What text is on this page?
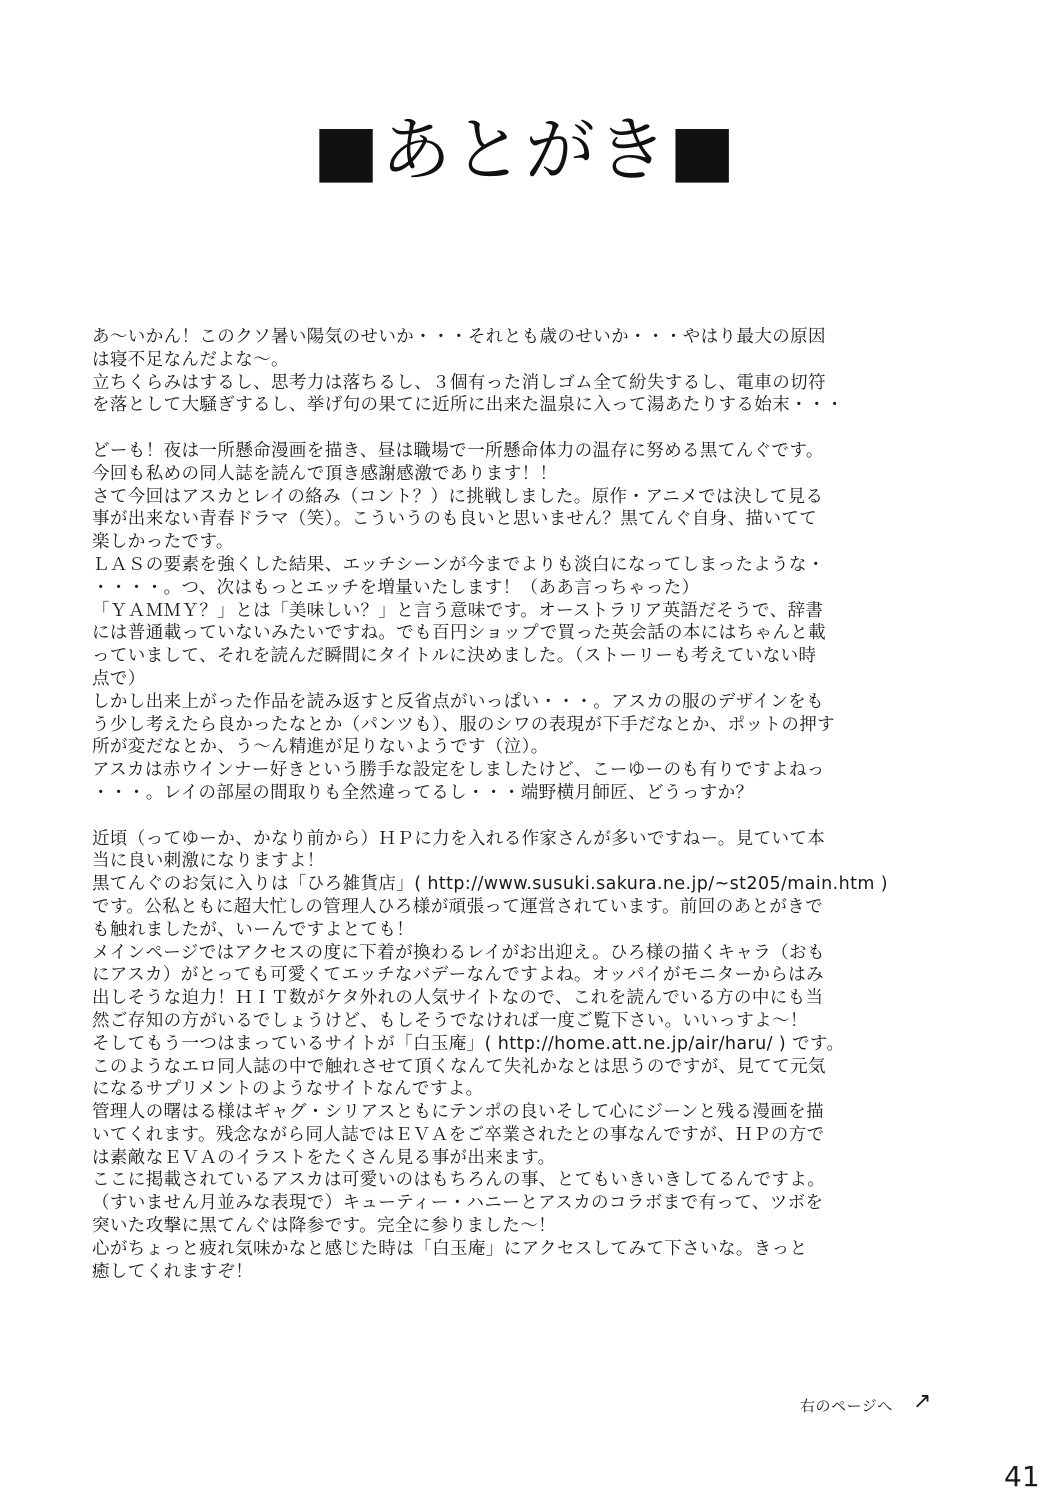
■あとがき■
あ～いかん！このクソ暑い陽気のせいか・・・それとも歳のせいか・・・やはり最大の原因
は寝不足なんだよな～。
立ちくらみはするし、思考力は落ちるし、３個有った消しゴム全て紛失するし、電車の切符
を落として大騒ぎするし、挙げ句の果てに近所に出来た温泉に入って湯あたりする始末・・・
どーも！夜は一所懸命漫画を描き、昼は職場で一所懸命体力の温存に努める黒てんぐです。
今回も私めの同人誌を読んで頂き感謝感激であります！！
さて今回はアスカとレイの絡み（コント？）に挑戦しました。原作・アニメでは決して見る
事が出来ない青春ドラマ（笑）。こういうのも良いと思いません？黒てんぐ自身、描いてて
楽しかったです。
ＬＡＳの要素を強くした結果、エッチシーンが今までよりも淡白になってしまったような・
・・・・。つ、次はもっとエッチを増量いたします！（ああ言っちゃった）
「ＹＡＭＭＹ？」とは「美味しい？」と言う意味です。オーストラリア英語だそうで、辞書
には普通載っていないみたいですね。でも百円ショップで買った英会話の本にはちゃんと載
っていまして、それを読んだ瞬間にタイトルに決めました。（ストーリーも考えていない時
点で）
しかし出来上がった作品を読み返すと反省点がいっぱい・・・。アスカの服のデザインをも
う少し考えたら良かったなとか（パンツも）、服のシワの表現が下手だなとか、ポットの押す
所が変だなとか、う～ん精進が足りないようです（泣）。
アスカは赤ウインナー好きという勝手な設定をしましたけど、こーゆーのも有りですよねっ
・・・。レイの部屋の間取りも全然違ってるし・・・端野横月師匠、どうっすか？
近頃（ってゆーか、かなり前から）ＨＰに力を入れる作家さんが多いですねー。見ていて本
当に良い刺激になりますよ！
黒てんぐのお気に入りは「ひろ雑貨店」( http://www.susuki.sakura.ne.jp/~st205/main.htm )
です。公私ともに超大忙しの管理人ひろ様が頑張って運営されています。前回のあとがきで
も触れましたが、いーんですよとても！
メインページではアクセスの度に下着が換わるレイがお出迎え。ひろ様の描くキャラ（おも
にアスカ）がとっても可愛くてエッチなバデーなんですよね。オッパイがモニターからはみ
出しそうな迫力！ＨＩＴ数がケタ外れの人気サイトなので、これを読んでいる方の中にも当
然ご存知の方がいるでしょうけど、もしそうでなければ一度ご覧下さい。いいっすよ～！
そしてもう一つはまっているサイトが「白玉庵」( http://home.att.ne.jp/air/haru/ ) です。
このようなエロ同人誌の中で触れさせて頂くなんて失礼かなとは思うのですが、見てて元気
になるサプリメントのようなサイトなんですよ。
管理人の曙はる様はギャグ・シリアスともにテンポの良いそして心にジーンと残る漫画を描
いてくれます。残念ながら同人誌ではＥＶＡをご卒業されたとの事なんですが、ＨＰの方で
は素敵なＥＶＡのイラストをたくさん見る事が出来ます。
ここに掲載されているアスカは可愛いのはもちろんの事、とてもいきいきしてるんですよ。
（すいません月並みな表現で）キューティー・ハニーとアスカのコラボまで有って、ツボを
突いた攻撃に黒てんぐは降参です。完全に参りました～！
心がちょっと疲れ気味かなと感じた時は「白玉庵」にアクセスしてみて下さいな。きっと
癒してくれますぞ！
右のページへ ↗
41
